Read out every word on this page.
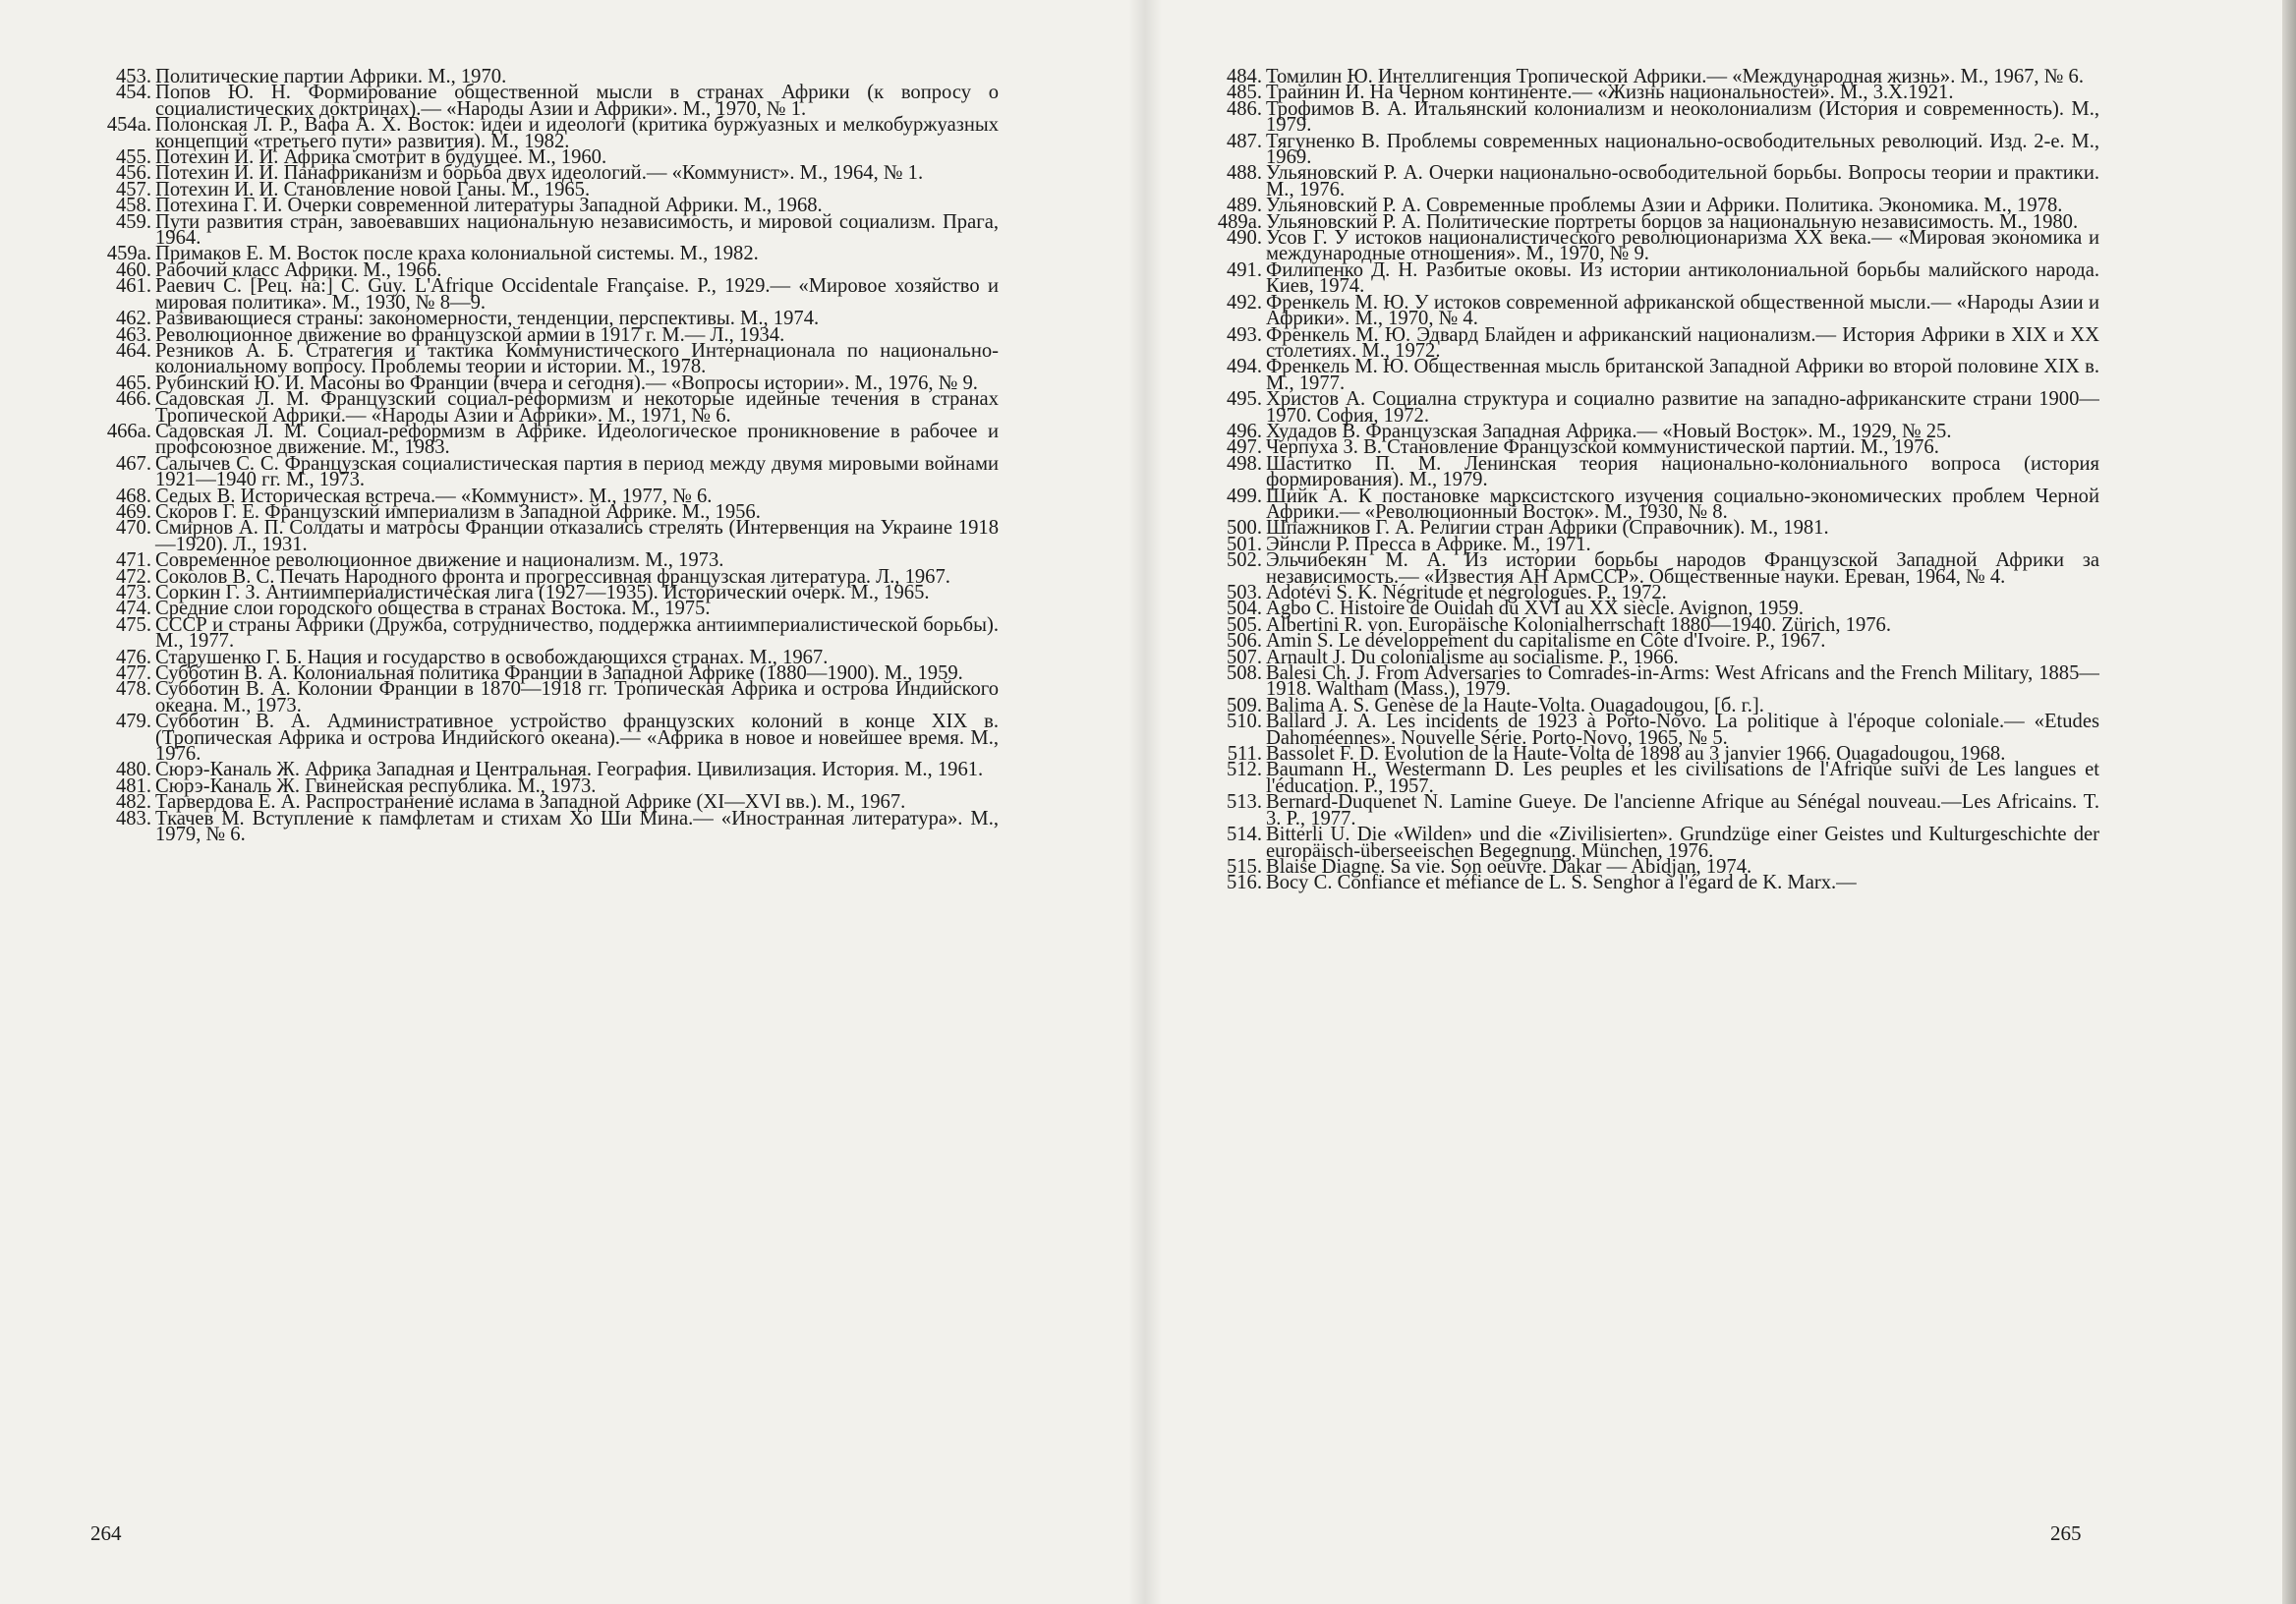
453. Политические партии Африки. М., 1970.

454. Попов Ю. Н. Формирование общественной мысли в странах Африки (к вопросу о социалистических доктринах).— «Народы Азии и Африки». М., 1970, № 1.

454а. Полонская Л. Р., Вафа А. Х. Восток: идеи и идеологи (критика буржуазных и мелкобуржуазных концепций «третьего пути» развития). М., 1982.

455. Потехин И. И. Африка смотрит в будущее. М., 1960.

456. Потехин И. И. Панафриканизм и борьба двух идеологий.— «Коммунист». М., 1964, № 1.

457. Потехин И. И. Становление новой Ганы. М., 1965.

458. Потехина Г. И. Очерки современной литературы Западной Африки. М., 1968.

459. Пути развития стран, завоевавших национальную независимость, и мировой социализм. Прага, 1964.

459а. Примаков Е. М. Восток после краха колониальной системы. М., 1982.

460. Рабочий класс Африки. М., 1966.

461. Раевич С. [Рец. на:] C. Guy. L'Afrique Occidentale Française. P., 1929.— «Мировое хозяйство и мировая политика». М., 1930, № 8—9.

462. Развивающиеся страны: закономерности, тенденции, перспективы. М., 1974.

463. Революционное движение во французской армии в 1917 г. М.— Л., 1934.

464. Резников А. Б. Стратегия и тактика Коммунистического Интернационала по национально-колониальному вопросу. Проблемы теории и истории. М., 1978.

465. Рубинский Ю. И. Масоны во Франции (вчера и сегодня).— «Вопросы истории». М., 1976, № 9.

466. Садовская Л. М. Французский социал-реформизм и некоторые идейные течения в странах Тропической Африки.— «Народы Азии и Африки». М., 1971, № 6.

466а. Садовская Л. М. Социал-реформизм в Африке. Идеологическое проникновение в рабочее и профсоюзное движение. М., 1983.

467. Салычев С. С. Французская социалистическая партия в период между двумя мировыми войнами 1921—1940 гг. М., 1973.

468. Седых В. Историческая встреча.— «Коммунист». М., 1977, № 6.

469. Скоров Г. Е. Французский империализм в Западной Африке. М., 1956.

470. Смирнов А. П. Солдаты и матросы Франции отказались стрелять (Интервенция на Украине 1918—1920). Л., 1931.

471. Современное революционное движение и национализм. М., 1973.

472. Соколов В. С. Печать Народного фронта и прогрессивная французская литература. Л., 1967.

473. Соркин Г. З. Антиимпериалистическая лига (1927—1935). Исторический очерк. М., 1965.

474. Средние слои городского общества в странах Востока. М., 1975.

475. СССР и страны Африки (Дружба, сотрудничество, поддержка антиимпериалистической борьбы). М., 1977.

476. Старушенко Г. Б. Нация и государство в освобождающихся странах. М., 1967.

477. Субботин В. А. Колониальная политика Франции в Западной Африке (1880—1900). М., 1959.

478. Субботин В. А. Колонии Франции в 1870—1918 гг. Тропическая Африка и острова Индийского океана. М., 1973.

479. Субботин В. А. Административное устройство французских колоний в конце XIX в. (Тропическая Африка и острова Индийского океана).— «Африка в новое и новейшее время. М., 1976.

480. Сюрэ-Каналь Ж. Африка Западная и Центральная. География. Цивилизация. История. М., 1961.

481. Сюрэ-Каналь Ж. Гвинейская республика. М., 1973.

482. Тарвердова Е. А. Распространение ислама в Западной Африке (XI—XVI вв.). М., 1967.

483. Ткачев М. Вступление к памфлетам и стихам Хо Ши Мина.— «Иностранная литература». М., 1979, № 6.

484. Томилин Ю. Интеллигенция Тропической Африки.— «Международная жизнь». М., 1967, № 6.

485. Трайнин И. На Черном континенте.— «Жизнь национальностей». М., 3.X.1921.

486. Трофимов В. А. Итальянский колониализм и неоколониализм (История и современность). М., 1979.

487. Тягуненко В. Проблемы современных национально-освободительных революций. Изд. 2-е. М., 1969.

488. Ульяновский Р. А. Очерки национально-освободительной борьбы. Вопросы теории и практики. М., 1976.

489. Ульяновский Р. А. Современные проблемы Азии и Африки. Политика. Экономика. М., 1978.

489а. Ульяновский Р. А. Политические портреты борцов за национальную независимость. М., 1980.

490. Усов Г. У истоков националистического революционаризма XX века.— «Мировая экономика и международные отношения». М., 1970, № 9.

491. Филипенко Д. Н. Разбитые оковы. Из истории антиколониальной борьбы малийского народа. Киев, 1974.

492. Френкель М. Ю. У истоков современной африканской общественной мысли.— «Народы Азии и Африки». М., 1970, № 4.

493. Френкель М. Ю. Эдвард Блайден и африканский национализм.— История Африки в XIX и XX столетиях. М., 1972.

494. Френкель М. Ю. Общественная мысль британской Западной Африки во второй половине XIX в. М., 1977.

495. Христов А. Социална структура и социално развитие на западно-африканските страни 1900—1970. София, 1972.

496. Худадов В. Французская Западная Африка.— «Новый Восток». М., 1929, № 25.

497. Черпуха З. В. Становление Французской коммунистической партии. М., 1976.

498. Шаститко П. М. Ленинская теория национально-колониального вопроса (история формирования). М., 1979.

499. Шийк А. К постановке марксистского изучения социально-экономических проблем Черной Африки.— «Революционный Восток». М., 1930, № 8.

500. Шпажников Г. А. Религии стран Африки (Справочник). М., 1981.

501. Эйнсли Р. Пресса в Африке. М., 1971.

502. Эльчибекян М. А. Из истории борьбы народов Французской Западной Африки за независимость.— «Известия АН АрмССР». Общественные науки. Ереван, 1964, № 4.

503. Adotévi S. K. Négritude et négrologues. P., 1972.

504. Agbo C. Histoire de Ouidah du XVI au XX siècle. Avignon, 1959.

505. Albertini R. von. Europäische Kolonialherrschaft 1880—1940. Zürich, 1976.

506. Amin S. Le développement du capitalisme en Côte d'Ivoire. P., 1967.

507. Arnault J. Du colonialisme au socialisme. P., 1966.

508. Balesi Ch. J. From Adversaries to Comrades-in-Arms: West Africans and the French Military, 1885—1918. Waltham (Mass.), 1979.

509. Balima A. S. Genèse de la Haute-Volta. Ouagadougou, [б. г.].

510. Ballard J. A. Les incidents de 1923 à Porto-Novo. La politique à l'époque coloniale.— «Etudes Dahoméennes». Nouvelle Série. Porto-Novo, 1965, № 5.

511. Bassolet F. D. Evolution de la Haute-Volta de 1898 au 3 janvier 1966. Ouagadougou, 1968.

512. Baumann H., Westermann D. Les peuples et les civilisations de l'Afrique suivi de Les langues et l'éducation. P., 1957.

513. Bernard-Duquenet N. Lamine Gueye. De l'ancienne Afrique au Sénégal nouveau.—Les Africains. T. 3. P., 1977.

514. Bitterli U. Die «Wilden» und die «Zivilisierten». Grundzüge einer Geistes und Kulturgeschichte der europäisch-überseeischen Begegnung. München, 1976.

515. Blaise Diagne. Sa vie. Son oeuvre. Dakar — Abidjan, 1974.

516. Bocy C. Confiance et méfiance de L. S. Senghor à l'égard de K. Marx.—

264	265
